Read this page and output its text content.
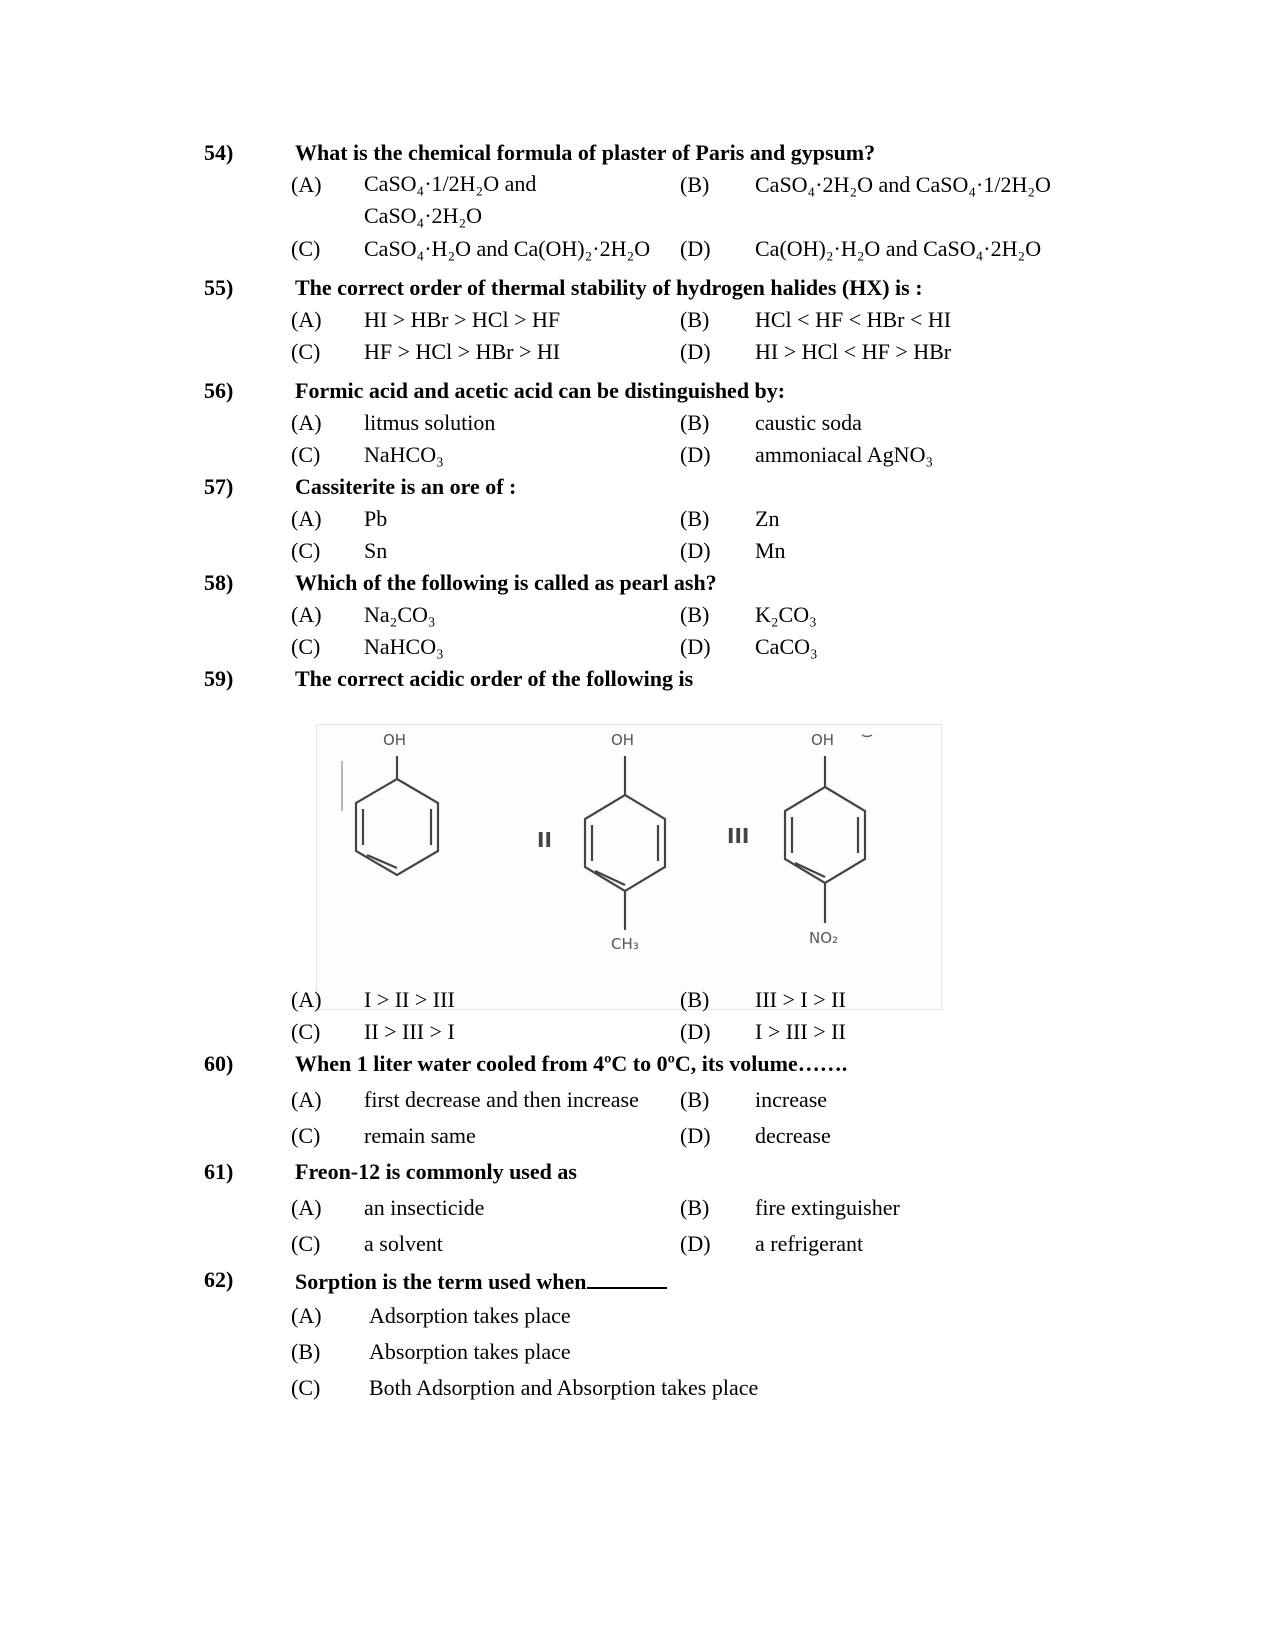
54)	What is the chemical formula of plaster of Paris and gypsum?
(A) CaSO₄·1/2H₂O and
CaSO₄·2H₂O
(B) CaSO₄·2H₂O and CaSO₄·1/2H₂O
(C) CaSO₄·H₂O and Ca(OH)₂·2H₂O (D) Ca(OH)₂·H₂O and CaSO₄·2H₂O
55)	The correct order of thermal stability of hydrogen halides (HX) is :
(A) HI > HBr > HCl > HF	(B) HCl < HF < HBr < HI
(C) HF > HCl > HBr > HI	(D) HI > HCl < HF > HBr
56)	Formic acid and acetic acid can be distinguished by:
(A) litmus solution	(B) caustic soda
(C) NaHCO₃	(D) ammoniacal AgNO₃
57)	Cassiterite is an ore of :
(A) Pb	(B) Zn
(C) Sn	(D) Mn
58)	Which of the following is called as pearl ash?
(A) Na₂CO₃	(B) K₂CO₃
(C) NaHCO₃	(D) CaCO₃
59)	The correct acidic order of the following is
OH	OH	OH
CH₃	NO₂
II	III
(A) I > II > III	(B) III > I > II
(C) II > III > I	(D) I > III > II
60)	When 1 liter water cooled from 4ºC to 0ºC, its volume…….
(A) first decrease and then increase (B) increase
(C) remain same	(D) decrease
61)	Freon-12 is commonly used as
(A) an insecticide	(B) fire extinguisher
(C) a solvent	(D) a refrigerant
62)	Sorption is the term used when
(A) Adsorption takes place
(B) Absorption takes place
(C) Both Adsorption and Absorption takes place
